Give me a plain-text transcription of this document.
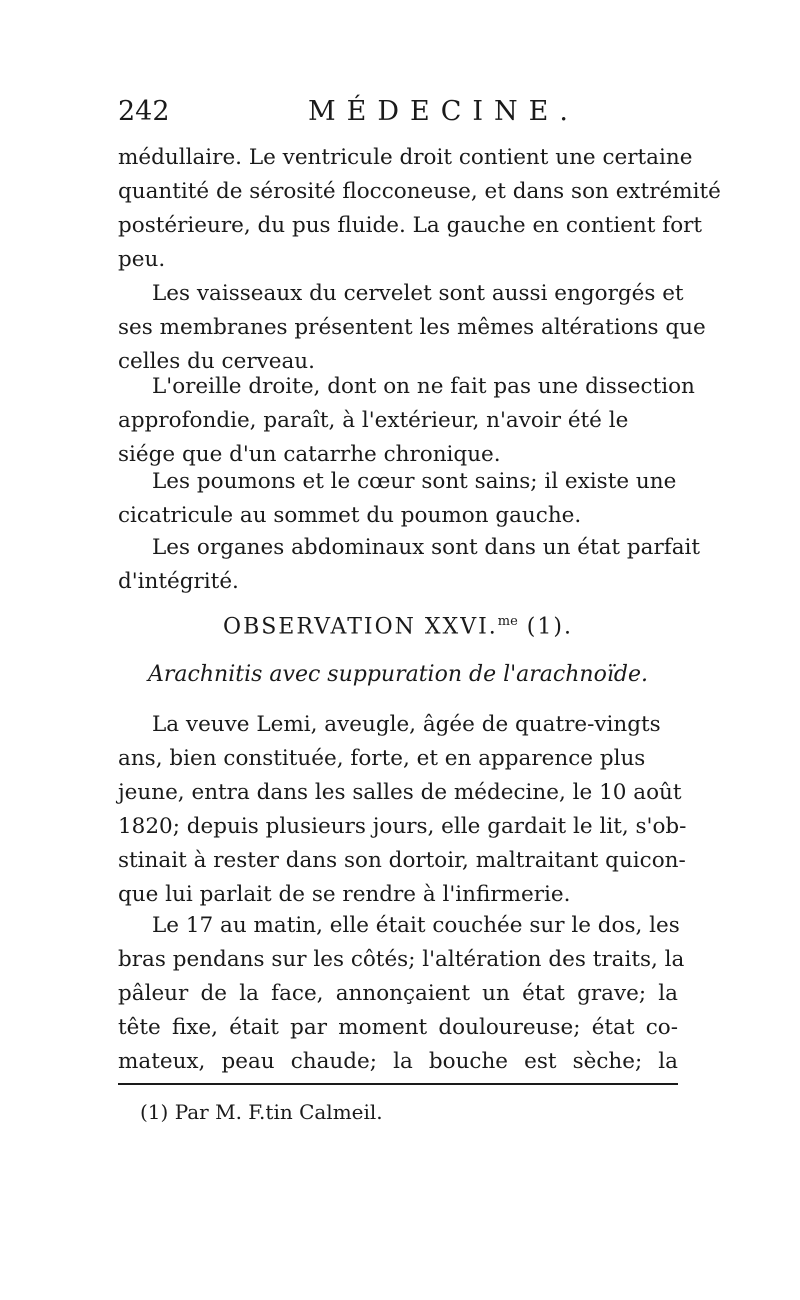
242	MÉDECINE.

médullaire. Le ventricule droit contient une certaine
quantité de sérosité flocconeuse, et dans son extrémité
postérieure, du pus fluide. La gauche en contient fort
peu.

Les vaisseaux du cervelet sont aussi engorgés et
ses membranes présentent les mêmes altérations que
celles du cerveau.

L'oreille droite, dont on ne fait pas une dissection
approfondie, paraît, à l'extérieur, n'avoir été le
siége que d'un catarrhe chronique.

Les poumons et le cœur sont sains; il existe une
cicatricule au sommet du poumon gauche.

Les organes abdominaux sont dans un état parfait
d'intégrité.

OBSERVATION XXVI.$^{me}$ (1).
Arachnitis avec suppuration de l'arachnoïde.

La veuve Lemi, aveugle, âgée de quatre-vingts
ans, bien constituée, forte, et en apparence plus
jeune, entra dans les salles de médecine, le 10 août
1820; depuis plusieurs jours, elle gardait le lit, s'ob-
stinait à rester dans son dortoir, maltraitant quicon-
que lui parlait de se rendre à l'infirmerie.

Le 17 au matin, elle était couchée sur le dos, les
bras pendans sur les côtés; l'altération des traits, la
pâleur de la face, annonçaient un état grave; la
tête fixe, était par moment douloureuse; état co-
mateux, peau chaude; la bouche est sèche; la

(1) Par M. F.tin Calmeil.
